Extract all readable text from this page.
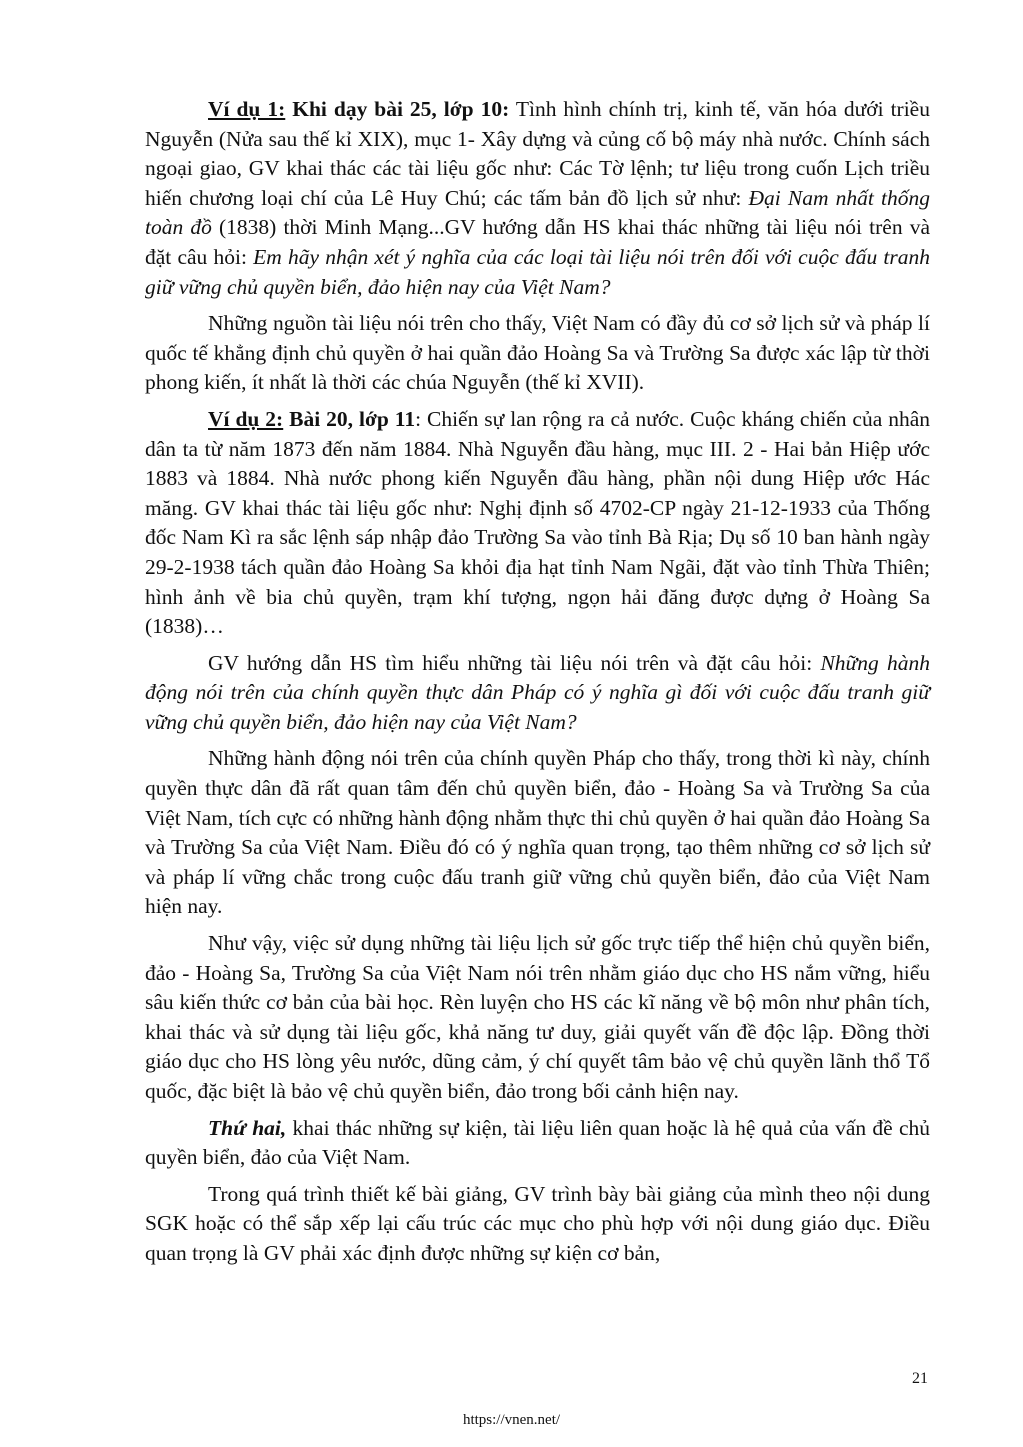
Ví dụ 1: Khi dạy bài 25, lớp 10: Tình hình chính trị, kinh tế, văn hóa dưới triều Nguyễn (Nửa sau thế kỉ XIX), mục 1- Xây dựng và củng cố bộ máy nhà nước. Chính sách ngoại giao, GV khai thác các tài liệu gốc như: Các Tờ lệnh; tư liệu trong cuốn Lịch triều hiến chương loại chí của Lê Huy Chú; các tấm bản đồ lịch sử như: Đại Nam nhất thống toàn đồ (1838) thời Minh Mạng...GV hướng dẫn HS khai thác những tài liệu nói trên và đặt câu hỏi: Em hãy nhận xét ý nghĩa của các loại tài liệu nói trên đối với cuộc đấu tranh giữ vững chủ quyền biển, đảo hiện nay của Việt Nam?

Những nguồn tài liệu nói trên cho thấy, Việt Nam có đầy đủ cơ sở lịch sử và pháp lí quốc tế khẳng định chủ quyền ở hai quần đảo Hoàng Sa và Trường Sa được xác lập từ thời phong kiến, ít nhất là thời các chúa Nguyễn (thế kỉ XVII).

Ví dụ 2: Bài 20, lớp 11: Chiến sự lan rộng ra cả nước. Cuộc kháng chiến của nhân dân ta từ năm 1873 đến năm 1884. Nhà Nguyễn đầu hàng, mục III. 2 - Hai bản Hiệp ước 1883 và 1884. Nhà nước phong kiến Nguyễn đầu hàng, phần nội dung Hiệp ước Hác măng. GV khai thác tài liệu gốc như: Nghị định số 4702-CP ngày 21-12-1933 của Thống đốc Nam Kì ra sắc lệnh sáp nhập đảo Trường Sa vào tỉnh Bà Rịa; Dụ số 10 ban hành ngày 29-2-1938 tách quần đảo Hoàng Sa khỏi địa hạt tỉnh Nam Ngãi, đặt vào tỉnh Thừa Thiên; hình ảnh về bia chủ quyền, trạm khí tượng, ngọn hải đăng được dựng ở Hoàng Sa (1838)…

GV hướng dẫn HS tìm hiểu những tài liệu nói trên và đặt câu hỏi: Những hành động nói trên của chính quyền thực dân Pháp có ý nghĩa gì đối với cuộc đấu tranh giữ vững chủ quyền biển, đảo hiện nay của Việt Nam?

Những hành động nói trên của chính quyền Pháp cho thấy, trong thời kì này, chính quyền thực dân đã rất quan tâm đến chủ quyền biển, đảo - Hoàng Sa và Trường Sa của Việt Nam, tích cực có những hành động nhằm thực thi chủ quyền ở hai quần đảo Hoàng Sa và Trường Sa của Việt Nam. Điều đó có ý nghĩa quan trọng, tạo thêm những cơ sở lịch sử và pháp lí vững chắc trong cuộc đấu tranh giữ vững chủ quyền biển, đảo của Việt Nam hiện nay.

Như vậy, việc sử dụng những tài liệu lịch sử gốc trực tiếp thể hiện chủ quyền biển, đảo - Hoàng Sa, Trường Sa của Việt Nam nói trên nhằm giáo dục cho HS nắm vững, hiểu sâu kiến thức cơ bản của bài học. Rèn luyện cho HS các kĩ năng về bộ môn như phân tích, khai thác và sử dụng tài liệu gốc, khả năng tư duy, giải quyết vấn đề độc lập. Đồng thời giáo dục cho HS lòng yêu nước, dũng cảm, ý chí quyết tâm bảo vệ chủ quyền lãnh thổ Tổ quốc, đặc biệt là bảo vệ chủ quyền biển, đảo trong bối cảnh hiện nay.

Thứ hai, khai thác những sự kiện, tài liệu liên quan hoặc là hệ quả của vấn đề chủ quyền biển, đảo của Việt Nam.

Trong quá trình thiết kế bài giảng, GV trình bày bài giảng của mình theo nội dung SGK hoặc có thể sắp xếp lại cấu trúc các mục cho phù hợp với nội dung giáo dục. Điều quan trọng là GV phải xác định được những sự kiện cơ bản,

21
https://vnen.net/
